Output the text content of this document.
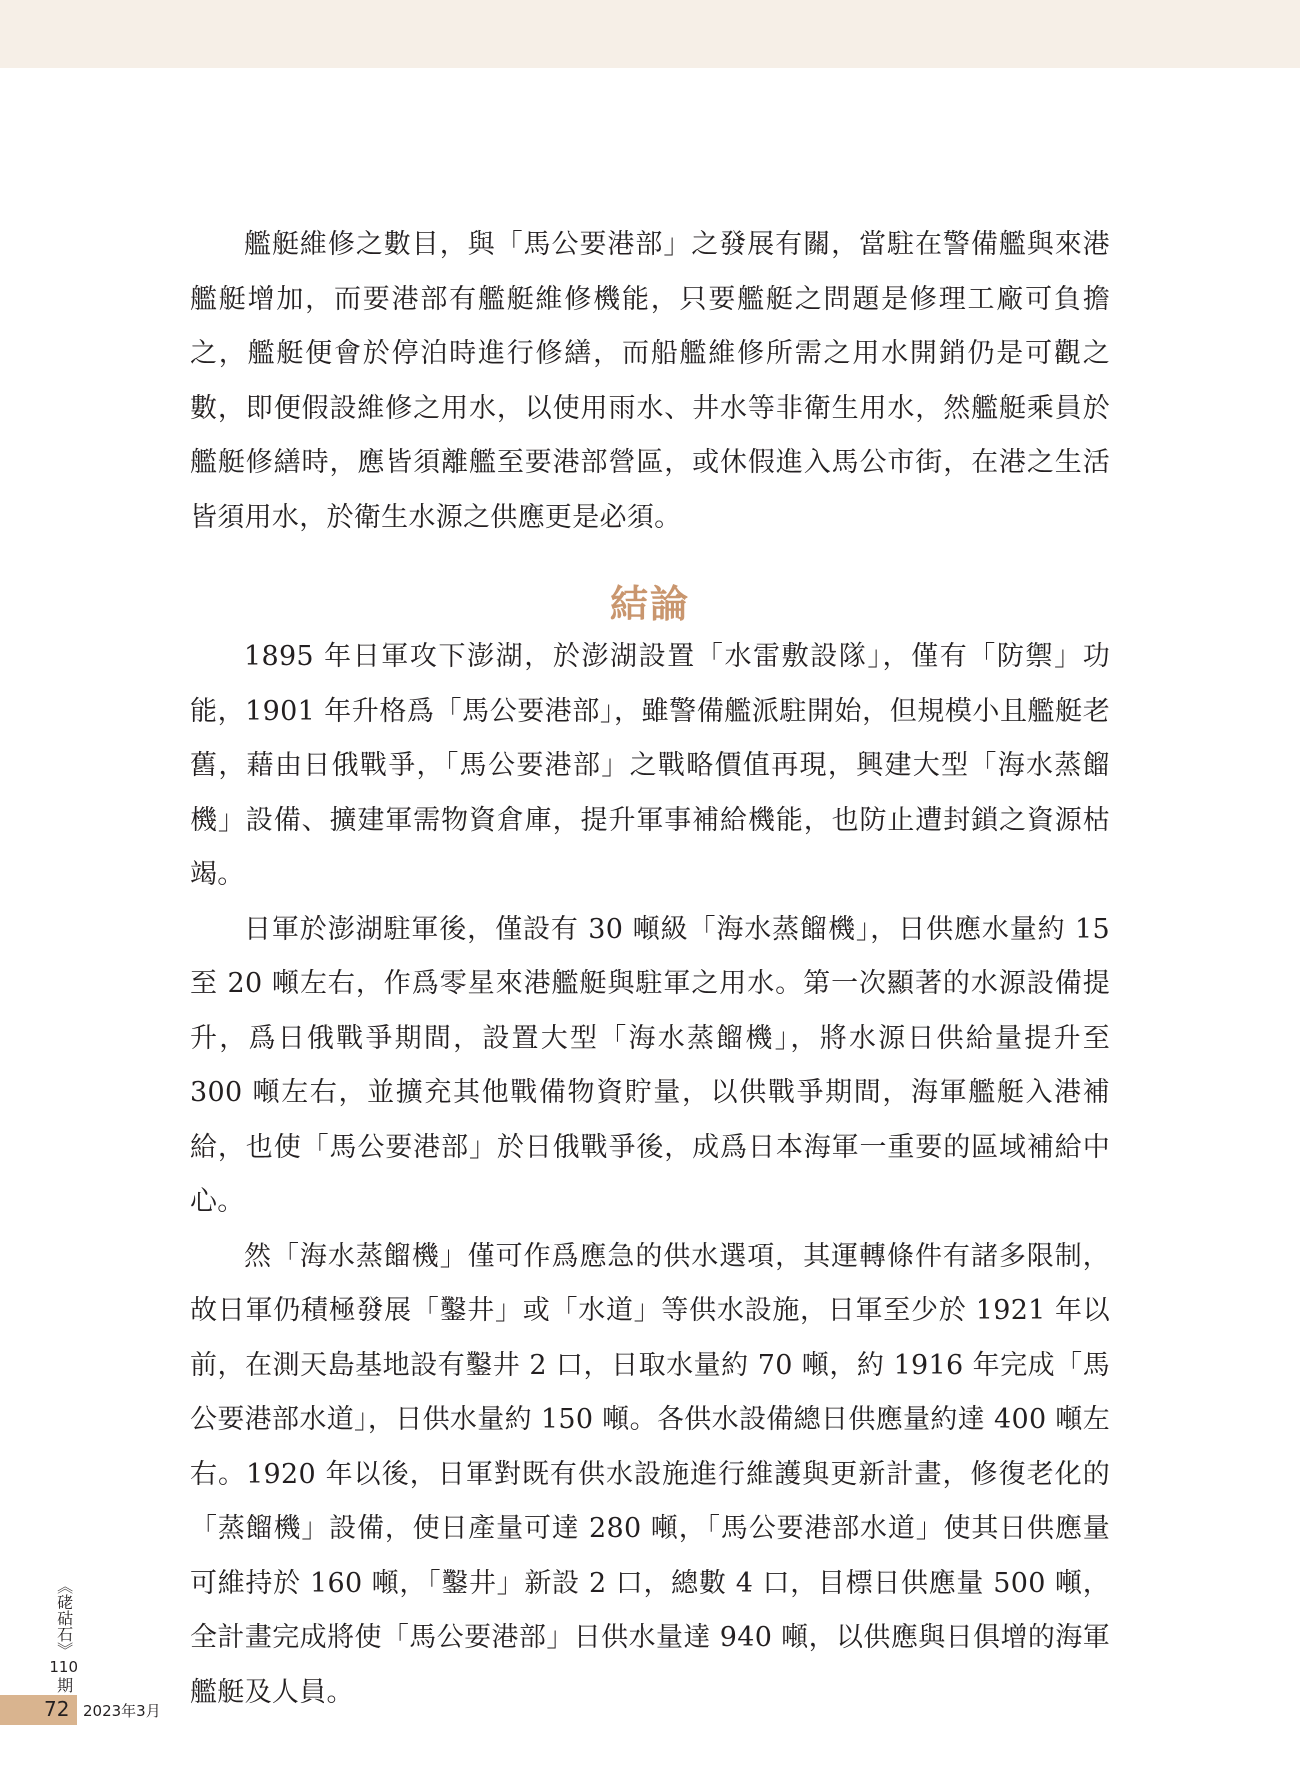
艦艇維修之數目，與「馬公要港部」之發展有關，當駐在警備艦與來港艦艇增加，而要港部有艦艇維修機能，只要艦艇之問題是修理工廠可負擔之，艦艇便會於停泊時進行修繕，而船艦維修所需之用水開銷仍是可觀之數，即便假設維修之用水，以使用雨水、井水等非衛生用水，然艦艇乘員於艦艇修繕時，應皆須離艦至要港部營區，或休假進入馬公市街，在港之生活皆須用水，於衛生水源之供應更是必須。

結論

1895 年日軍攻下澎湖，於澎湖設置「水雷敷設隊」，僅有「防禦」功能，1901 年升格爲「馬公要港部」，雖警備艦派駐開始，但規模小且艦艇老舊，藉由日俄戰爭，「馬公要港部」之戰略價值再現，興建大型「海水蒸餾機」設備、擴建軍需物資倉庫，提升軍事補給機能，也防止遭封鎖之資源枯竭。

日軍於澎湖駐軍後，僅設有 30 噸級「海水蒸餾機」，日供應水量約 15 至 20 噸左右，作爲零星來港艦艇與駐軍之用水。第一次顯著的水源設備提升，爲日俄戰爭期間，設置大型「海水蒸餾機」，將水源日供給量提升至 300 噸左右，並擴充其他戰備物資貯量，以供戰爭期間，海軍艦艇入港補給，也使「馬公要港部」於日俄戰爭後，成爲日本海軍一重要的區域補給中心。

然「海水蒸餾機」僅可作爲應急的供水選項，其運轉條件有諸多限制，故日軍仍積極發展「鑿井」或「水道」等供水設施，日軍至少於 1921 年以前，在測天島基地設有鑿井 2 口，日取水量約 70 噸，約 1916 年完成「馬公要港部水道」，日供水量約 150 噸。各供水設備總日供應量約達 400 噸左右。1920 年以後，日軍對既有供水設施進行維護與更新計畫，修復老化的「蒸餾機」設備，使日產量可達 280 噸，「馬公要港部水道」使其日供應量可維持於 160 噸，「鑿井」新設 2 口，總數 4 口，目標日供應量 500 噸，全計畫完成將使「馬公要港部」日供水量達 940 噸，以供應與日俱增的海軍艦艇及人員。

《硓𥑮石》110期
72 2023年3月
